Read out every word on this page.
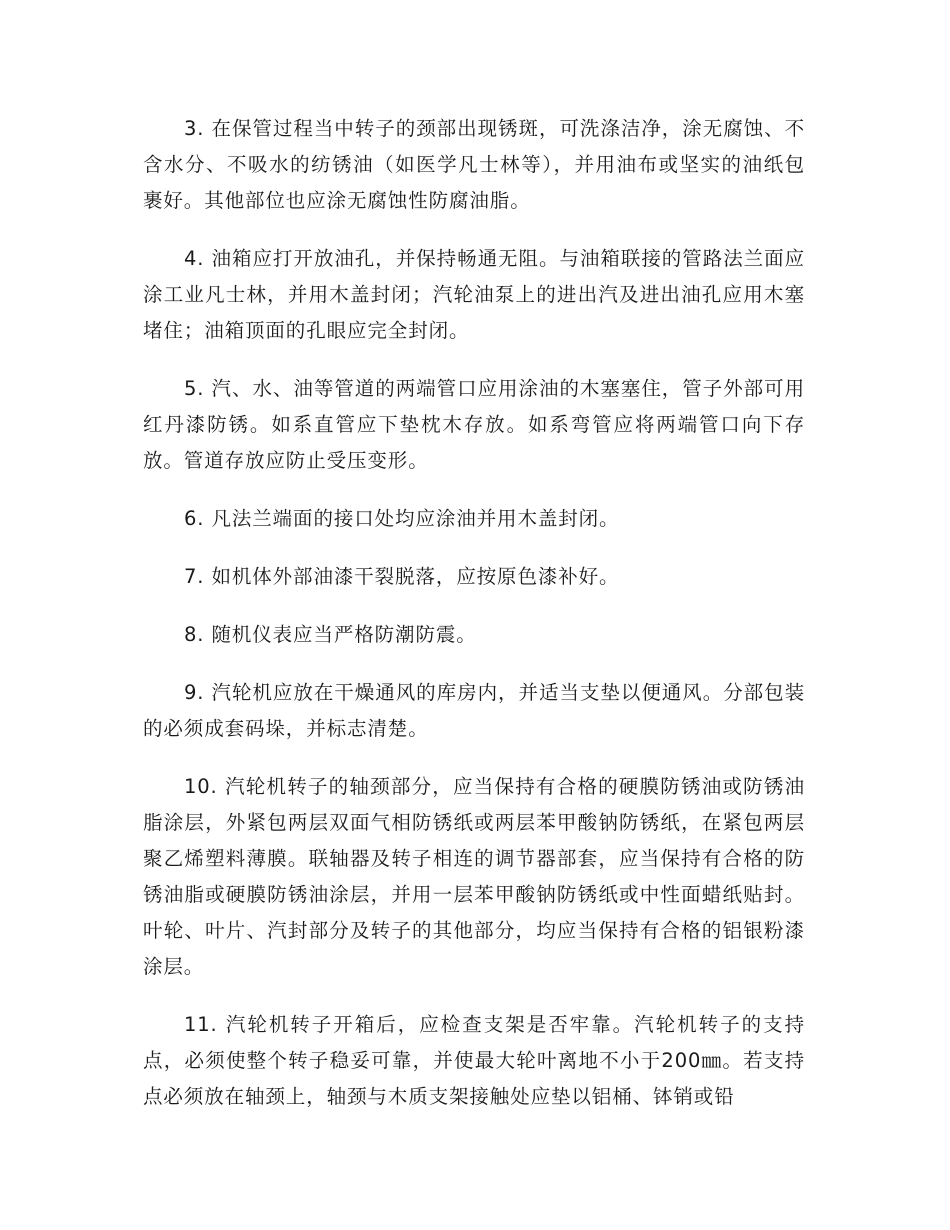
3. 在保管过程当中转子的颈部出现锈斑，可洗涤洁净，涂无腐蚀、不含水分、不吸水的纺锈油（如医学凡士林等），并用油布或坚实的油纸包裹好。其他部位也应涂无腐蚀性防腐油脂。

4. 油箱应打开放油孔，并保持畅通无阻。与油箱联接的管路法兰面应涂工业凡士林，并用木盖封闭；汽轮油泵上的进出汽及进出油孔应用木塞堵住；油箱顶面的孔眼应完全封闭。

5. 汽、水、油等管道的两端管口应用涂油的木塞塞住，管子外部可用红丹漆防锈。如系直管应下垫枕木存放。如系弯管应将两端管口向下存放。管道存放应防止受压变形。

6. 凡法兰端面的接口处均应涂油并用木盖封闭。

7. 如机体外部油漆干裂脱落，应按原色漆补好。

8. 随机仪表应当严格防潮防震。

9. 汽轮机应放在干燥通风的库房内，并适当支垫以便通风。分部包装的必须成套码垛，并标志清楚。

10. 汽轮机转子的轴颈部分，应当保持有合格的硬膜防锈油或防锈油脂涂层，外紧包两层双面气相防锈纸或两层苯甲酸钠防锈纸，在紧包两层聚乙烯塑料薄膜。联轴器及转子相连的调节器部套，应当保持有合格的防锈油脂或硬膜防锈油涂层，并用一层苯甲酸钠防锈纸或中性面蜡纸贴封。叶轮、叶片、汽封部分及转子的其他部分，均应当保持有合格的铝银粉漆涂层。

11. 汽轮机转子开箱后，应检查支架是否牢靠。汽轮机转子的支持点，必须使整个转子稳妥可靠，并使最大轮叶离地不小于200㎜。若支持点必须放在轴颈上，轴颈与木质支架接触处应垫以铝桶、钵销或铅
